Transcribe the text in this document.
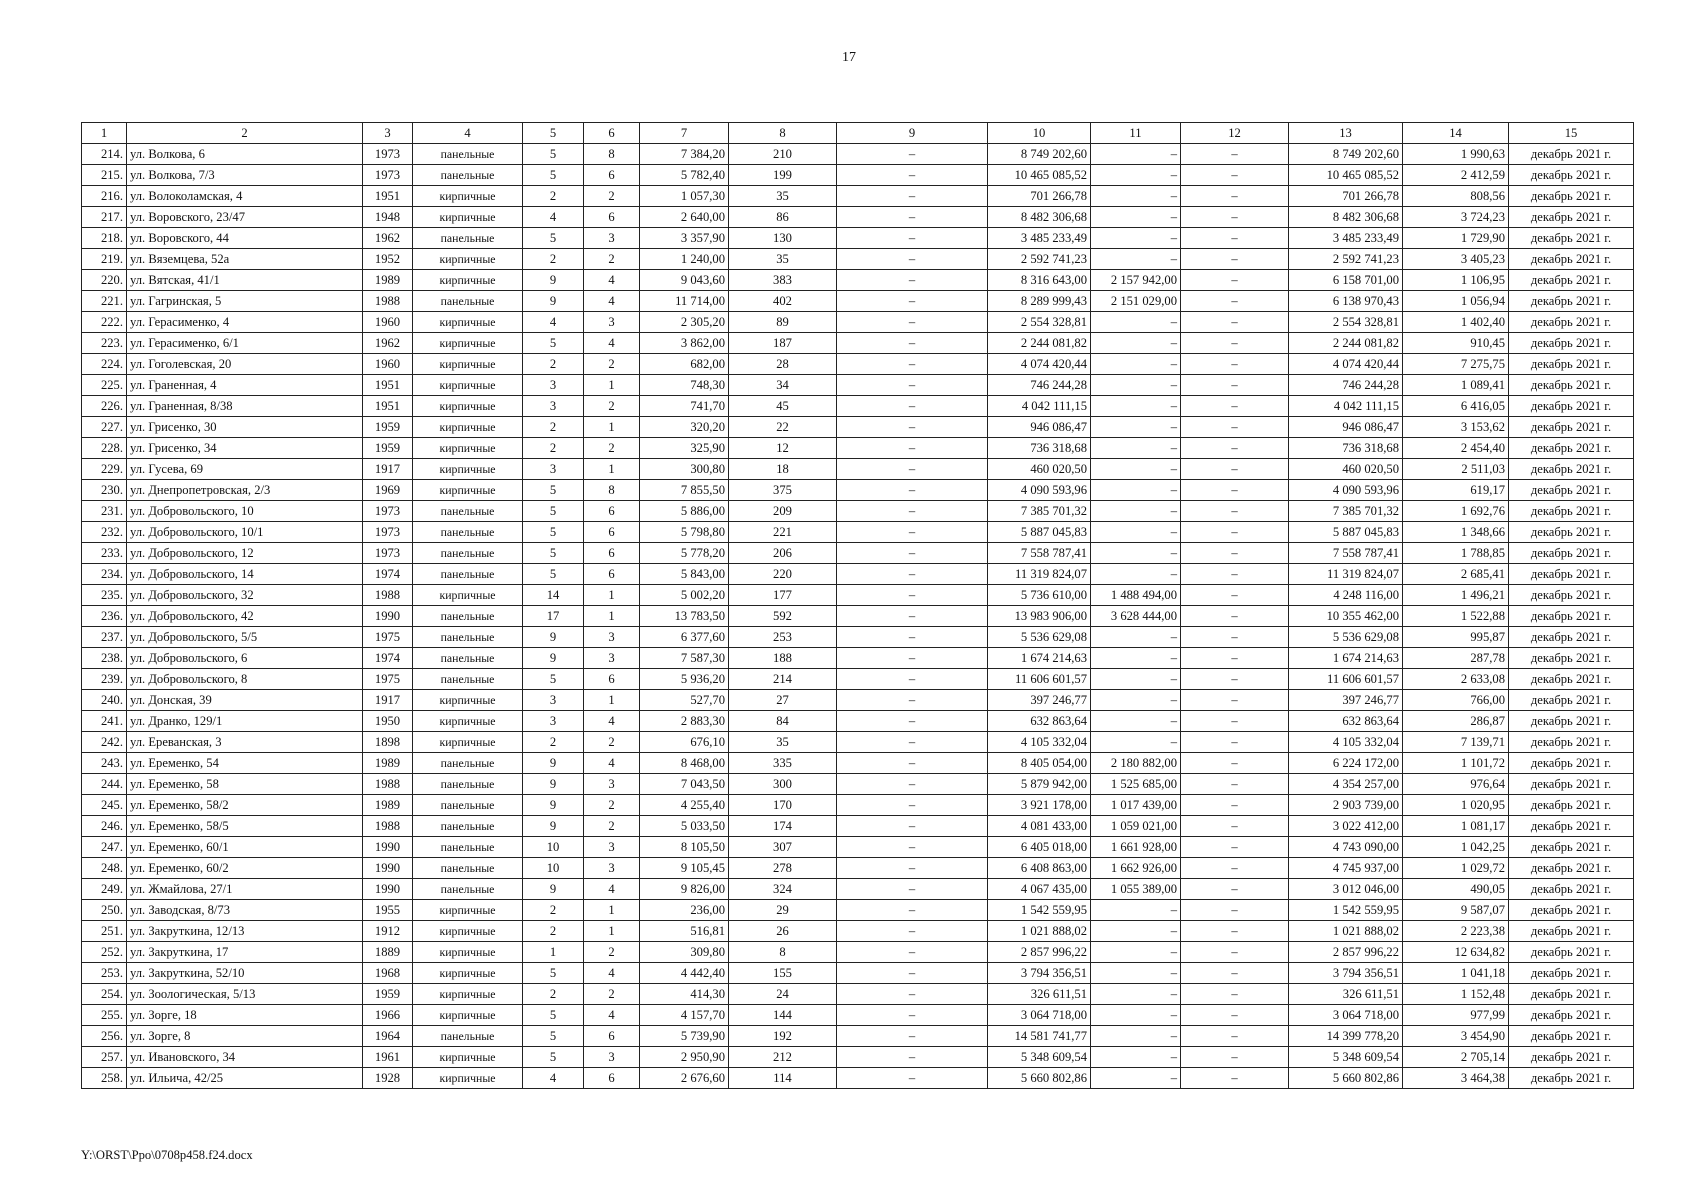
17
1	2	3	4	5	6	7	8	9	10	11	12	13	14	15
214.	ул. Волкова, 6	1973	панельные	5	8	7 384,20	210	–	8 749 202,60	–	–	8 749 202,60	1 990,63	декабрь 2021 г.
215.	ул. Волкова, 7/3	1973	панельные	5	6	5 782,40	199	–	10 465 085,52	–	–	10 465 085,52	2 412,59	декабрь 2021 г.
216.	ул. Волоколамская, 4	1951	кирпичные	2	2	1 057,30	35	–	701 266,78	–	–	701 266,78	808,56	декабрь 2021 г.
217.	ул. Воровского, 23/47	1948	кирпичные	4	6	2 640,00	86	–	8 482 306,68	–	–	8 482 306,68	3 724,23	декабрь 2021 г.
218.	ул. Воровского, 44	1962	панельные	5	3	3 357,90	130	–	3 485 233,49	–	–	3 485 233,49	1 729,90	декабрь 2021 г.
219.	ул. Вяземцева, 52а	1952	кирпичные	2	2	1 240,00	35	–	2 592 741,23	–	–	2 592 741,23	3 405,23	декабрь 2021 г.
220.	ул. Вятская, 41/1	1989	кирпичные	9	4	9 043,60	383	–	8 316 643,00	2 157 942,00	–	6 158 701,00	1 106,95	декабрь 2021 г.
221.	ул. Гагринская, 5	1988	панельные	9	4	11 714,00	402	–	8 289 999,43	2 151 029,00	–	6 138 970,43	1 056,94	декабрь 2021 г.
222.	ул. Герасименко, 4	1960	кирпичные	4	3	2 305,20	89	–	2 554 328,81	–	–	2 554 328,81	1 402,40	декабрь 2021 г.
223.	ул. Герасименко, 6/1	1962	кирпичные	5	4	3 862,00	187	–	2 244 081,82	–	–	2 244 081,82	910,45	декабрь 2021 г.
224.	ул. Гоголевская, 20	1960	кирпичные	2	2	682,00	28	–	4 074 420,44	–	–	4 074 420,44	7 275,75	декабрь 2021 г.
225.	ул. Граненная, 4	1951	кирпичные	3	1	748,30	34	–	746 244,28	–	–	746 244,28	1 089,41	декабрь 2021 г.
226.	ул. Граненная, 8/38	1951	кирпичные	3	2	741,70	45	–	4 042 111,15	–	–	4 042 111,15	6 416,05	декабрь 2021 г.
227.	ул. Грисенко, 30	1959	кирпичные	2	1	320,20	22	–	946 086,47	–	–	946 086,47	3 153,62	декабрь 2021 г.
228.	ул. Грисенко, 34	1959	кирпичные	2	2	325,90	12	–	736 318,68	–	–	736 318,68	2 454,40	декабрь 2021 г.
229.	ул. Гусева, 69	1917	кирпичные	3	1	300,80	18	–	460 020,50	–	–	460 020,50	2 511,03	декабрь 2021 г.
230.	ул. Днепропетровская, 2/3	1969	кирпичные	5	8	7 855,50	375	–	4 090 593,96	–	–	4 090 593,96	619,17	декабрь 2021 г.
231.	ул. Добровольского, 10	1973	панельные	5	6	5 886,00	209	–	7 385 701,32	–	–	7 385 701,32	1 692,76	декабрь 2021 г.
232.	ул. Добровольского, 10/1	1973	панельные	5	6	5 798,80	221	–	5 887 045,83	–	–	5 887 045,83	1 348,66	декабрь 2021 г.
233.	ул. Добровольского, 12	1973	панельные	5	6	5 778,20	206	–	7 558 787,41	–	–	7 558 787,41	1 788,85	декабрь 2021 г.
234.	ул. Добровольского, 14	1974	панельные	5	6	5 843,00	220	–	11 319 824,07	–	–	11 319 824,07	2 685,41	декабрь 2021 г.
235.	ул. Добровольского, 32	1988	кирпичные	14	1	5 002,20	177	–	5 736 610,00	1 488 494,00	–	4 248 116,00	1 496,21	декабрь 2021 г.
236.	ул. Добровольского, 42	1990	панельные	17	1	13 783,50	592	–	13 983 906,00	3 628 444,00	–	10 355 462,00	1 522,88	декабрь 2021 г.
237.	ул. Добровольского, 5/5	1975	панельные	9	3	6 377,60	253	–	5 536 629,08	–	–	5 536 629,08	995,87	декабрь 2021 г.
238.	ул. Добровольского, 6	1974	панельные	9	3	7 587,30	188	–	1 674 214,63	–	–	1 674 214,63	287,78	декабрь 2021 г.
239.	ул. Добровольского, 8	1975	панельные	5	6	5 936,20	214	–	11 606 601,57	–	–	11 606 601,57	2 633,08	декабрь 2021 г.
240.	ул. Донская, 39	1917	кирпичные	3	1	527,70	27	–	397 246,77	–	–	397 246,77	766,00	декабрь 2021 г.
241.	ул. Дранко, 129/1	1950	кирпичные	3	4	2 883,30	84	–	632 863,64	–	–	632 863,64	286,87	декабрь 2021 г.
242.	ул. Ереванская, 3	1898	кирпичные	2	2	676,10	35	–	4 105 332,04	–	–	4 105 332,04	7 139,71	декабрь 2021 г.
243.	ул. Еременко, 54	1989	панельные	9	4	8 468,00	335	–	8 405 054,00	2 180 882,00	–	6 224 172,00	1 101,72	декабрь 2021 г.
244.	ул. Еременко, 58	1988	панельные	9	3	7 043,50	300	–	5 879 942,00	1 525 685,00	–	4 354 257,00	976,64	декабрь 2021 г.
245.	ул. Еременко, 58/2	1989	панельные	9	2	4 255,40	170	–	3 921 178,00	1 017 439,00	–	2 903 739,00	1 020,95	декабрь 2021 г.
246.	ул. Еременко, 58/5	1988	панельные	9	2	5 033,50	174	–	4 081 433,00	1 059 021,00	–	3 022 412,00	1 081,17	декабрь 2021 г.
247.	ул. Еременко, 60/1	1990	панельные	10	3	8 105,50	307	–	6 405 018,00	1 661 928,00	–	4 743 090,00	1 042,25	декабрь 2021 г.
248.	ул. Еременко, 60/2	1990	панельные	10	3	9 105,45	278	–	6 408 863,00	1 662 926,00	–	4 745 937,00	1 029,72	декабрь 2021 г.
249.	ул. Жмайлова, 27/1	1990	панельные	9	4	9 826,00	324	–	4 067 435,00	1 055 389,00	–	3 012 046,00	490,05	декабрь 2021 г.
250.	ул. Заводская, 8/73	1955	кирпичные	2	1	236,00	29	–	1 542 559,95	–	–	1 542 559,95	9 587,07	декабрь 2021 г.
251.	ул. Закруткина, 12/13	1912	кирпичные	2	1	516,81	26	–	1 021 888,02	–	–	1 021 888,02	2 223,38	декабрь 2021 г.
252.	ул. Закруткина, 17	1889	кирпичные	1	2	309,80	8	–	2 857 996,22	–	–	2 857 996,22	12 634,82	декабрь 2021 г.
253.	ул. Закруткина, 52/10	1968	кирпичные	5	4	4 442,40	155	–	3 794 356,51	–	–	3 794 356,51	1 041,18	декабрь 2021 г.
254.	ул. Зоологическая, 5/13	1959	кирпичные	2	2	414,30	24	–	326 611,51	–	–	326 611,51	1 152,48	декабрь 2021 г.
255.	ул. Зорге, 18	1966	кирпичные	5	4	4 157,70	144	–	3 064 718,00	–	–	3 064 718,00	977,99	декабрь 2021 г.
256.	ул. Зорге, 8	1964	панельные	5	6	5 739,90	192	–	14 581 741,77	–	–	14 399 778,20	3 454,90	декабрь 2021 г.
257.	ул. Ивановского, 34	1961	кирпичные	5	3	2 950,90	212	–	5 348 609,54	–	–	5 348 609,54	2 705,14	декабрь 2021 г.
258.	ул. Ильича, 42/25	1928	кирпичные	4	6	2 676,60	114	–	5 660 802,86	–	–	5 660 802,86	3 464,38	декабрь 2021 г.
Y:\ORST\Ppo\0708p458.f24.docx
